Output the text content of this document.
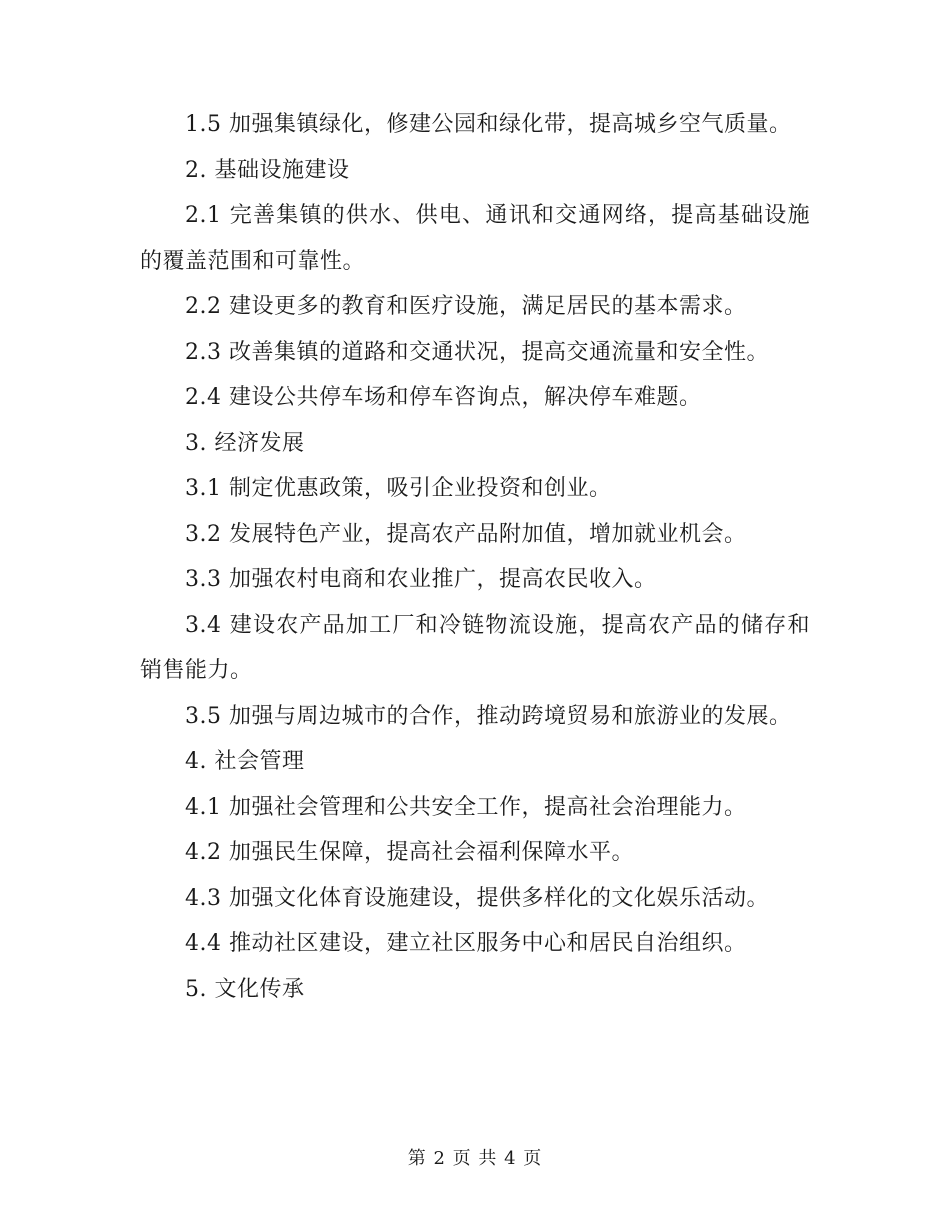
1.5 加强集镇绿化，修建公园和绿化带，提高城乡空气质量。

2. 基础设施建设

2.1 完善集镇的供水、供电、通讯和交通网络，提高基础设施的覆盖范围和可靠性。

2.2 建设更多的教育和医疗设施，满足居民的基本需求。

2.3 改善集镇的道路和交通状况，提高交通流量和安全性。

2.4 建设公共停车场和停车咨询点，解决停车难题。

3. 经济发展

3.1 制定优惠政策，吸引企业投资和创业。

3.2 发展特色产业，提高农产品附加值，增加就业机会。

3.3 加强农村电商和农业推广，提高农民收入。

3.4 建设农产品加工厂和冷链物流设施，提高农产品的储存和销售能力。

3.5 加强与周边城市的合作，推动跨境贸易和旅游业的发展。

4. 社会管理

4.1 加强社会管理和公共安全工作，提高社会治理能力。

4.2 加强民生保障，提高社会福利保障水平。

4.3 加强文化体育设施建设，提供多样化的文化娱乐活动。

4.4 推动社区建设，建立社区服务中心和居民自治组织。

5. 文化传承

第 2 页 共 4 页
